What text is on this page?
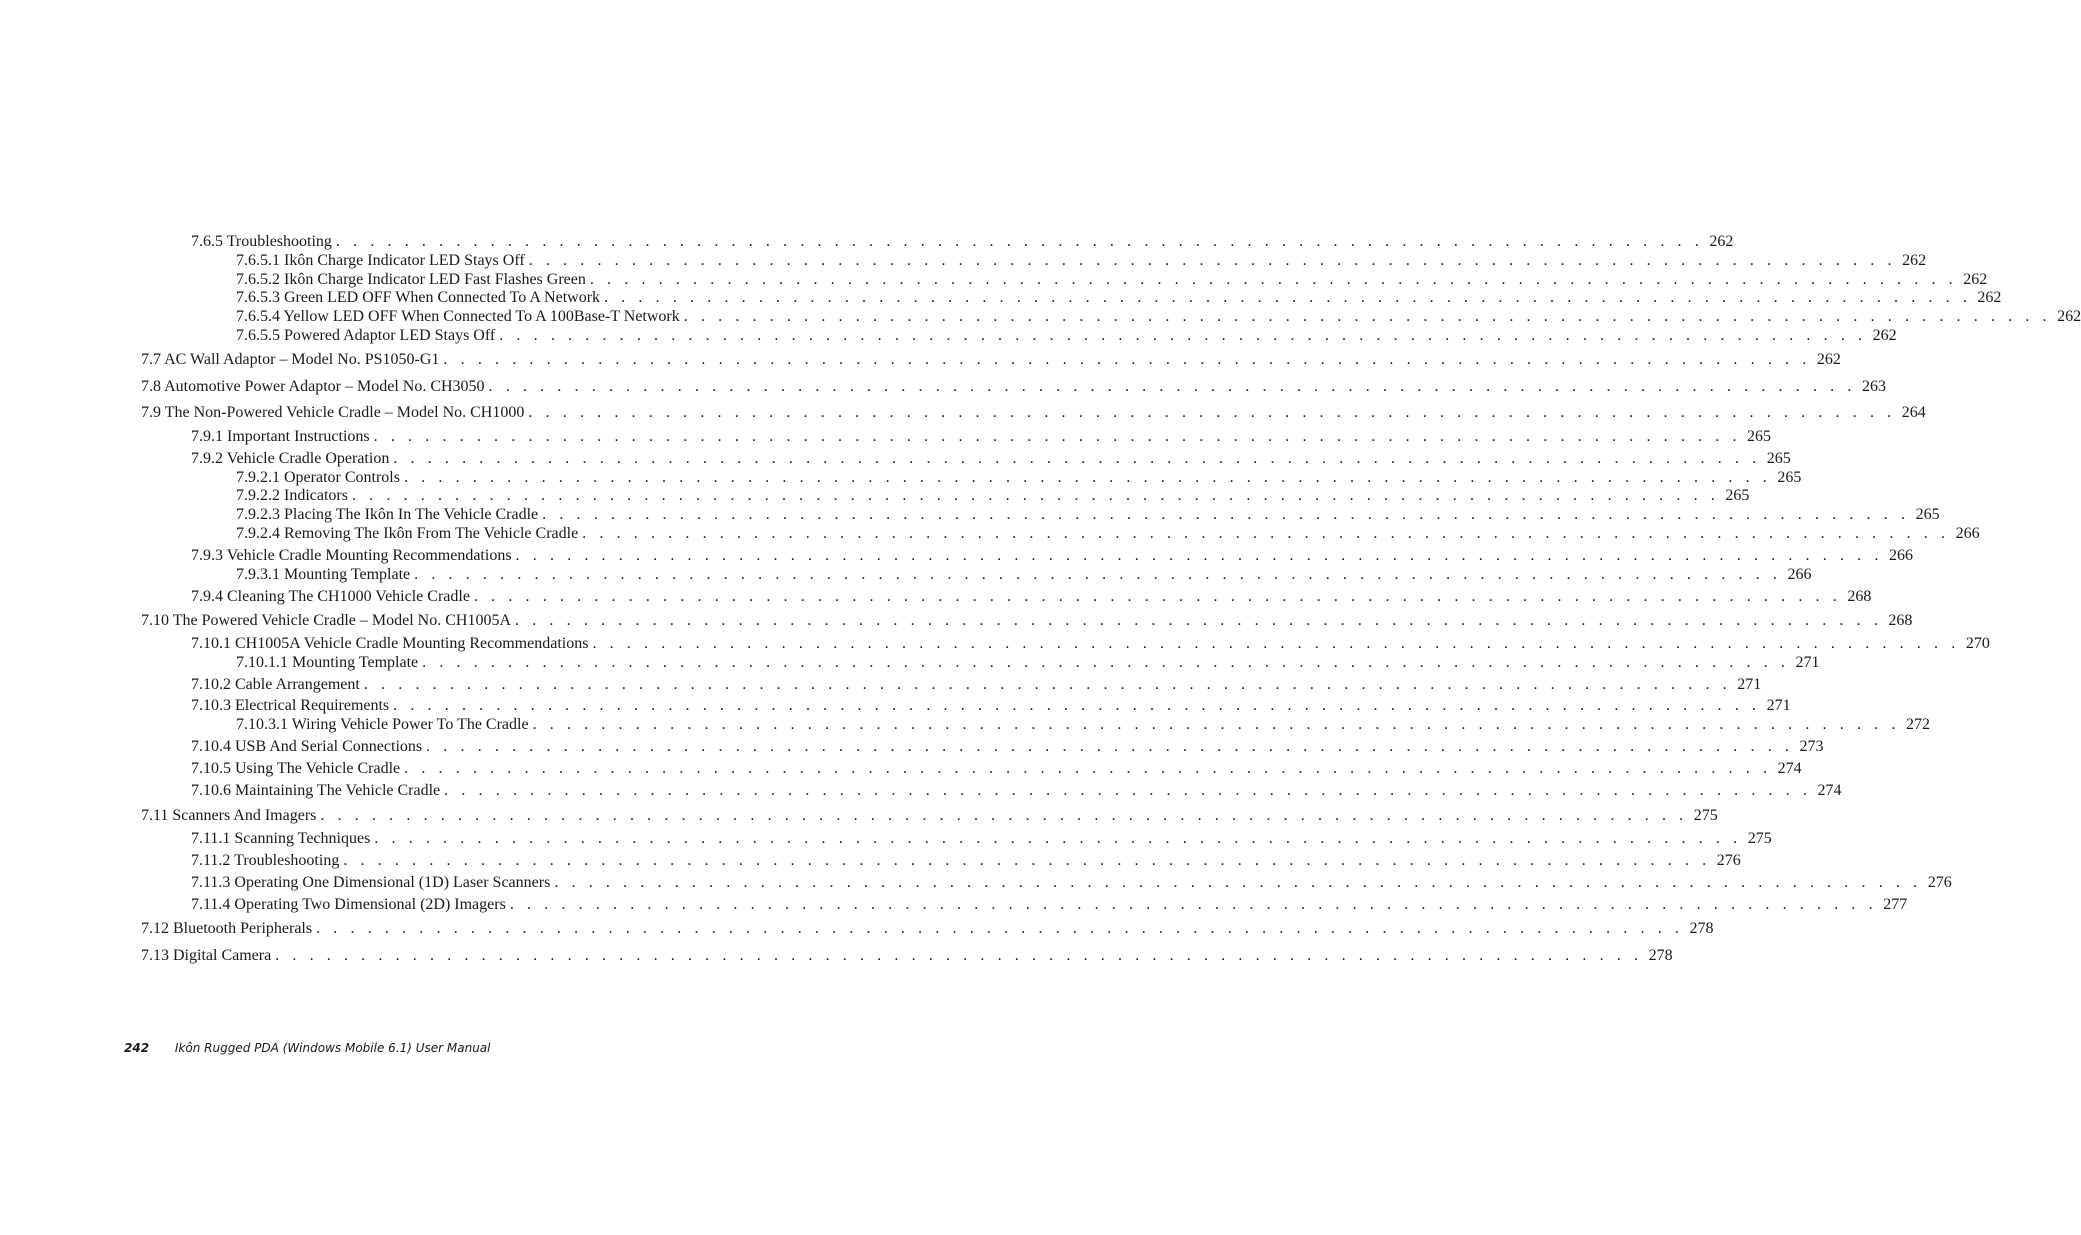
7.6.5 Troubleshooting . . . . . . . . . . . . . . . . . . . . . . . . . . . . . . . . . . . . . . . . . . . . . . . . . . . . . . . . . . . . . . . . . . . . . . . . . . . . . . . . 262
7.6.5.1 Ikôn Charge Indicator LED Stays Off . . . . . . . . . . . . . . . . . . . . . . . . . . . . . . . . . . . . . . . . . . . . . . . . . . . . . . . . . . . . . . . . . . . . . . . . . . . . . . . . 262
7.6.5.2 Ikôn Charge Indicator LED Fast Flashes Green . . . . . . . . . . . . . . . . . . . . . . . . . . . . . . . . . . . . . . . . . . . . . . . . . . . . . . . . . . . . . . . . . . . . . . . . . . . . . . . . 262
7.6.5.3 Green LED OFF When Connected To A Network . . . . . . . . . . . . . . . . . . . . . . . . . . . . . . . . . . . . . . . . . . . . . . . . . . . . . . . . . . . . . . . . . . . . . . . . . . . . . . . . 262
7.6.5.4 Yellow LED OFF When Connected To A 100Base-T Network . . . . . . . . . . . . . . . . . . . . . . . . . . . . . . . . . . . . . . . . . . . . . . . . . . . . . . . . . . . . . . . . . . . . . . . . . . . . . . . . 262
7.6.5.5 Powered Adaptor LED Stays Off . . . . . . . . . . . . . . . . . . . . . . . . . . . . . . . . . . . . . . . . . . . . . . . . . . . . . . . . . . . . . . . . . . . . . . . . . . . . . . . . 262
7.7 AC Wall Adaptor – Model No. PS1050-G1 . . . . . . . . . . . . . . . . . . . . . . . . . . . . . . . . . . . . . . . . . . . . . . . . . . . . . . . . . . . . . . . . . . . . . . . . . . . . . . . . 262
7.8 Automotive Power Adaptor – Model No. CH3050 . . . . . . . . . . . . . . . . . . . . . . . . . . . . . . . . . . . . . . . . . . . . . . . . . . . . . . . . . . . . . . . . . . . . . . . . . . . . . . . . 263
7.9 The Non-Powered Vehicle Cradle – Model No. CH1000 . . . . . . . . . . . . . . . . . . . . . . . . . . . . . . . . . . . . . . . . . . . . . . . . . . . . . . . . . . . . . . . . . . . . . . . . . . . . . . . . 264
7.9.1 Important Instructions . . . . . . . . . . . . . . . . . . . . . . . . . . . . . . . . . . . . . . . . . . . . . . . . . . . . . . . . . . . . . . . . . . . . . . . . . . . . . . . . 265
7.9.2 Vehicle Cradle Operation . . . . . . . . . . . . . . . . . . . . . . . . . . . . . . . . . . . . . . . . . . . . . . . . . . . . . . . . . . . . . . . . . . . . . . . . . . . . . . . . 265
7.9.2.1 Operator Controls . . . . . . . . . . . . . . . . . . . . . . . . . . . . . . . . . . . . . . . . . . . . . . . . . . . . . . . . . . . . . . . . . . . . . . . . . . . . . . . . 265
7.9.2.2 Indicators . . . . . . . . . . . . . . . . . . . . . . . . . . . . . . . . . . . . . . . . . . . . . . . . . . . . . . . . . . . . . . . . . . . . . . . . . . . . . . . . 265
7.9.2.3 Placing The Ikôn In The Vehicle Cradle . . . . . . . . . . . . . . . . . . . . . . . . . . . . . . . . . . . . . . . . . . . . . . . . . . . . . . . . . . . . . . . . . . . . . . . . . . . . . . . . 265
7.9.2.4 Removing The Ikôn From The Vehicle Cradle . . . . . . . . . . . . . . . . . . . . . . . . . . . . . . . . . . . . . . . . . . . . . . . . . . . . . . . . . . . . . . . . . . . . . . . . . . . . . . . . 266
7.9.3 Vehicle Cradle Mounting Recommendations . . . . . . . . . . . . . . . . . . . . . . . . . . . . . . . . . . . . . . . . . . . . . . . . . . . . . . . . . . . . . . . . . . . . . . . . . . . . . . . . 266
7.9.3.1 Mounting Template . . . . . . . . . . . . . . . . . . . . . . . . . . . . . . . . . . . . . . . . . . . . . . . . . . . . . . . . . . . . . . . . . . . . . . . . . . . . . . . . 266
7.9.4 Cleaning The CH1000 Vehicle Cradle . . . . . . . . . . . . . . . . . . . . . . . . . . . . . . . . . . . . . . . . . . . . . . . . . . . . . . . . . . . . . . . . . . . . . . . . . . . . . . . . 268
7.10 The Powered Vehicle Cradle – Model No. CH1005A . . . . . . . . . . . . . . . . . . . . . . . . . . . . . . . . . . . . . . . . . . . . . . . . . . . . . . . . . . . . . . . . . . . . . . . . . . . . . . . . 268
7.10.1 CH1005A Vehicle Cradle Mounting Recommendations . . . . . . . . . . . . . . . . . . . . . . . . . . . . . . . . . . . . . . . . . . . . . . . . . . . . . . . . . . . . . . . . . . . . . . . . . . . . . . . . 270
7.10.1.1 Mounting Template . . . . . . . . . . . . . . . . . . . . . . . . . . . . . . . . . . . . . . . . . . . . . . . . . . . . . . . . . . . . . . . . . . . . . . . . . . . . . . . . 271
7.10.2 Cable Arrangement . . . . . . . . . . . . . . . . . . . . . . . . . . . . . . . . . . . . . . . . . . . . . . . . . . . . . . . . . . . . . . . . . . . . . . . . . . . . . . . . 271
7.10.3 Electrical Requirements . . . . . . . . . . . . . . . . . . . . . . . . . . . . . . . . . . . . . . . . . . . . . . . . . . . . . . . . . . . . . . . . . . . . . . . . . . . . . . . . 271
7.10.3.1 Wiring Vehicle Power To The Cradle . . . . . . . . . . . . . . . . . . . . . . . . . . . . . . . . . . . . . . . . . . . . . . . . . . . . . . . . . . . . . . . . . . . . . . . . . . . . . . . . 272
7.10.4 USB And Serial Connections . . . . . . . . . . . . . . . . . . . . . . . . . . . . . . . . . . . . . . . . . . . . . . . . . . . . . . . . . . . . . . . . . . . . . . . . . . . . . . . . 273
7.10.5 Using The Vehicle Cradle . . . . . . . . . . . . . . . . . . . . . . . . . . . . . . . . . . . . . . . . . . . . . . . . . . . . . . . . . . . . . . . . . . . . . . . . . . . . . . . . 274
7.10.6 Maintaining The Vehicle Cradle . . . . . . . . . . . . . . . . . . . . . . . . . . . . . . . . . . . . . . . . . . . . . . . . . . . . . . . . . . . . . . . . . . . . . . . . . . . . . . . . 274
7.11 Scanners And Imagers . . . . . . . . . . . . . . . . . . . . . . . . . . . . . . . . . . . . . . . . . . . . . . . . . . . . . . . . . . . . . . . . . . . . . . . . . . . . . . . . 275
7.11.1 Scanning Techniques . . . . . . . . . . . . . . . . . . . . . . . . . . . . . . . . . . . . . . . . . . . . . . . . . . . . . . . . . . . . . . . . . . . . . . . . . . . . . . . . 275
7.11.2 Troubleshooting . . . . . . . . . . . . . . . . . . . . . . . . . . . . . . . . . . . . . . . . . . . . . . . . . . . . . . . . . . . . . . . . . . . . . . . . . . . . . . . . 276
7.11.3 Operating One Dimensional (1D) Laser Scanners . . . . . . . . . . . . . . . . . . . . . . . . . . . . . . . . . . . . . . . . . . . . . . . . . . . . . . . . . . . . . . . . . . . . . . . . . . . . . . . . 276
7.11.4 Operating Two Dimensional (2D) Imagers . . . . . . . . . . . . . . . . . . . . . . . . . . . . . . . . . . . . . . . . . . . . . . . . . . . . . . . . . . . . . . . . . . . . . . . . . . . . . . . . 277
7.12 Bluetooth Peripherals . . . . . . . . . . . . . . . . . . . . . . . . . . . . . . . . . . . . . . . . . . . . . . . . . . . . . . . . . . . . . . . . . . . . . . . . . . . . . . . . 278
7.13 Digital Camera . . . . . . . . . . . . . . . . . . . . . . . . . . . . . . . . . . . . . . . . . . . . . . . . . . . . . . . . . . . . . . . . . . . . . . . . . . . . . . . . 278
242 Ikôn Rugged PDA (Windows Mobile 6.1) User Manual
